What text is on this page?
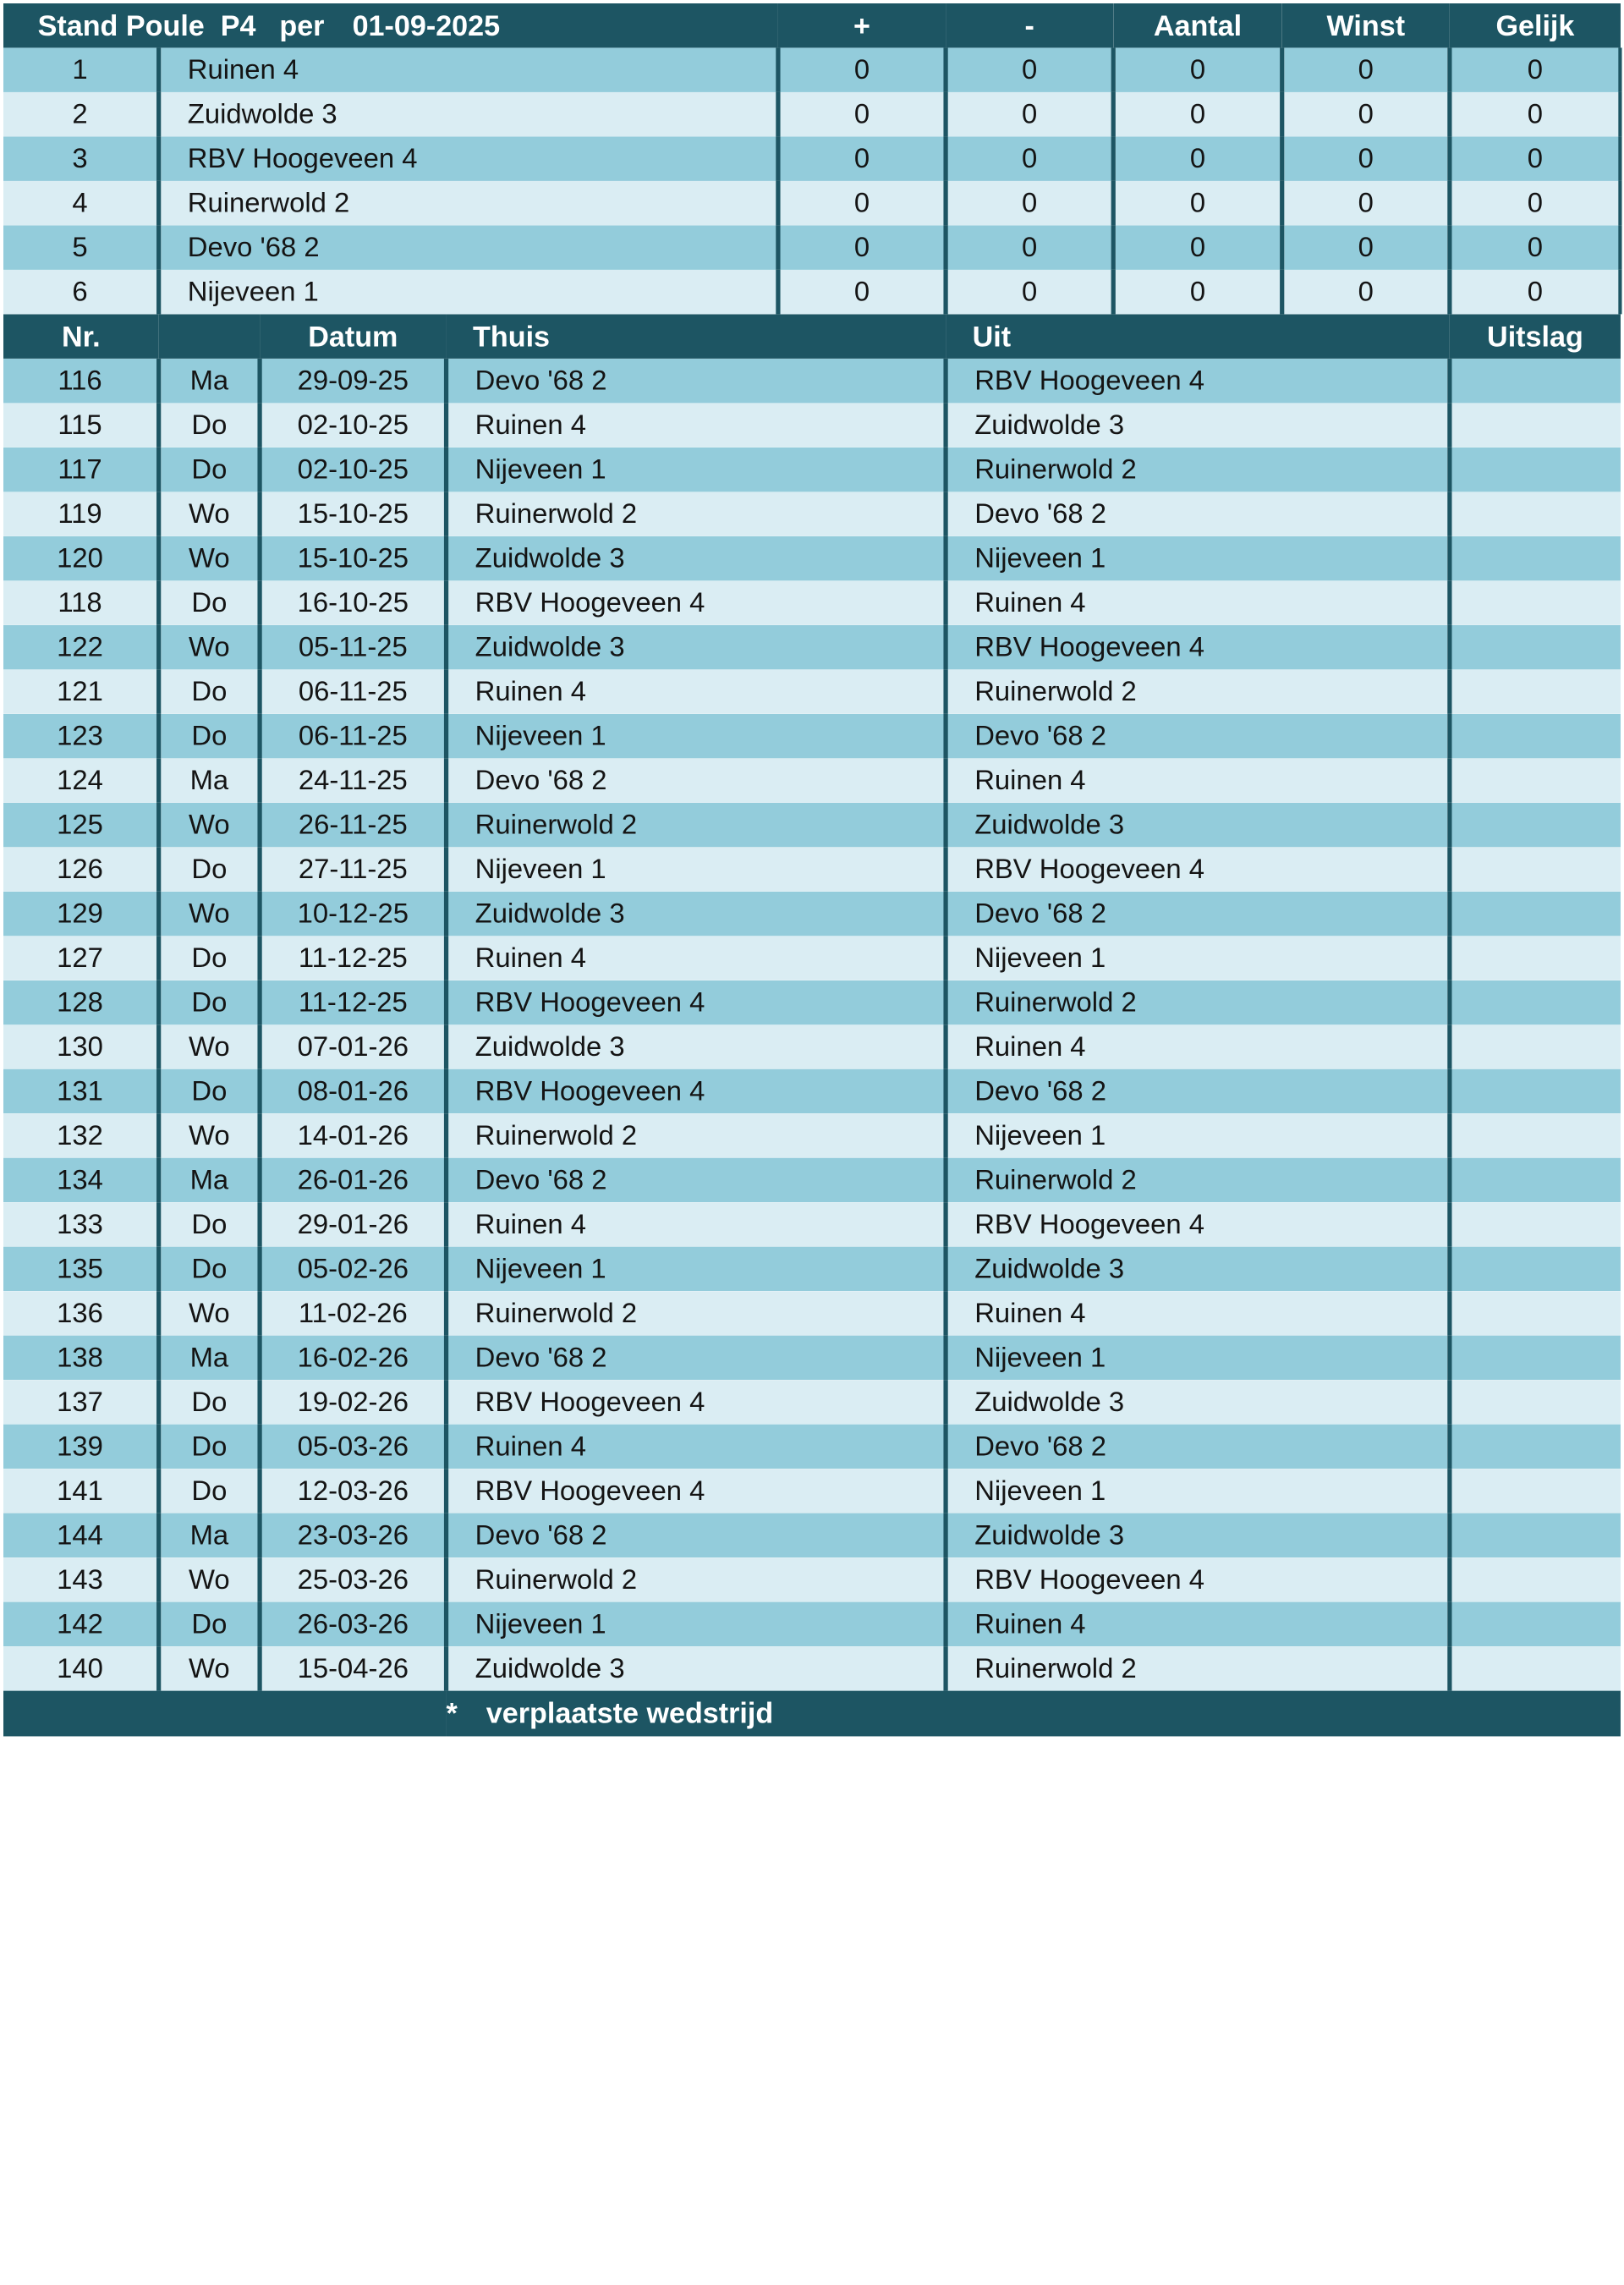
Stand Poule  P4 per 01-09-2025				+	-	Aantal	Winst	Gelijk	
1	Ruinen 4			0	0	0	0	0	
2	Zuidwolde 3			0	0	0	0	0	
3	RBV Hoogeveen 4			0	0	0	0	0	
4	Ruinerwold 2			0	0	0	0	0	
5	Devo '68 2			0	0	0	0	0	
6	Nijeveen 1			0	0	0	0	0	
Nr.		Datum	Thuis		Uit			Uitslag	
116	Ma	29-09-25	Devo '68 2		RBV Hoogeveen 4				
115	Do	02-10-25	Ruinen 4		Zuidwolde 3				
117	Do	02-10-25	Nijeveen 1		Ruinerwold 2				
119	Wo	15-10-25	Ruinerwold 2		Devo '68 2				
120	Wo	15-10-25	Zuidwolde 3		Nijeveen 1				
118	Do	16-10-25	RBV Hoogeveen 4		Ruinen 4				
122	Wo	05-11-25	Zuidwolde 3		RBV Hoogeveen 4				
121	Do	06-11-25	Ruinen 4		Ruinerwold 2				
123	Do	06-11-25	Nijeveen 1		Devo '68 2				
124	Ma	24-11-25	Devo '68 2		Ruinen 4				
125	Wo	26-11-25	Ruinerwold 2		Zuidwolde 3				
126	Do	27-11-25	Nijeveen 1		RBV Hoogeveen 4				
129	Wo	10-12-25	Zuidwolde 3		Devo '68 2				
127	Do	11-12-25	Ruinen 4		Nijeveen 1				
128	Do	11-12-25	RBV Hoogeveen 4		Ruinerwold 2				
130	Wo	07-01-26	Zuidwolde 3		Ruinen 4				
131	Do	08-01-26	RBV Hoogeveen 4		Devo '68 2				
132	Wo	14-01-26	Ruinerwold 2		Nijeveen 1				
134	Ma	26-01-26	Devo '68 2		Ruinerwold 2				
133	Do	29-01-26	Ruinen 4		RBV Hoogeveen 4				
135	Do	05-02-26	Nijeveen 1		Zuidwolde 3				
136	Wo	11-02-26	Ruinerwold 2		Ruinen 4				
138	Ma	16-02-26	Devo '68 2		Nijeveen 1				
137	Do	19-02-26	RBV Hoogeveen 4		Zuidwolde 3				
139	Do	05-03-26	Ruinen 4		Devo '68 2				
141	Do	12-03-26	RBV Hoogeveen 4		Nijeveen 1				
144	Ma	23-03-26	Devo '68 2		Zuidwolde 3				
143	Wo	25-03-26	Ruinerwold 2		RBV Hoogeveen 4				
142	Do	26-03-26	Nijeveen 1		Ruinen 4				
140	Wo	15-04-26	Zuidwolde 3		Ruinerwold 2				
			* verplaatste wedstrijd						
